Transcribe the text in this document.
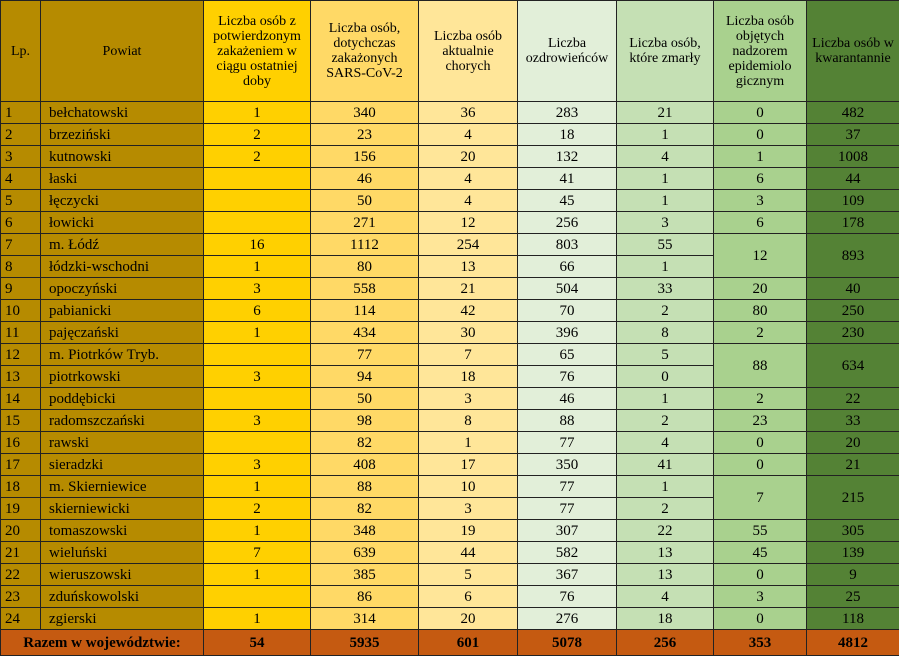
Lp.	Powiat	Liczba osób z potwierdzonym zakażeniem w ciągu ostatniej doby	Liczba osób, dotychczas zakażonych SARS-CoV-2	Liczba osób aktualnie chorych	Liczba ozdrowieńców	Liczba osób, które zmarły	Liczba osób objętych nadzorem epidemiolo gicznym	Liczba osób w kwarantannie
1	bełchatowski	1	340	36	283	21	0	482
2	brzeziński	2	23	4	18	1	0	37
3	kutnowski	2	156	20	132	4	1	1008
4	łaski		46	4	41	1	6	44
5	łęczycki		50	4	45	1	3	109
6	łowicki		271	12	256	3	6	178
7	m. Łódź	16	1112	254	803	55	12	893
8	łódzki-wschodni	1	80	13	66	1		
9	opoczyński	3	558	21	504	33	20	40
10	pabianicki	6	114	42	70	2	80	250
11	pajęczański	1	434	30	396	8	2	230
12	m. Piotrków Tryb.		77	7	65	5	88	634
13	piotrkowski	3	94	18	76	0		
14	poddębicki		50	3	46	1	2	22
15	radomszczański	3	98	8	88	2	23	33
16	rawski		82	1	77	4	0	20
17	sieradzki	3	408	17	350	41	0	21
18	m. Skierniewice	1	88	10	77	1	7	215
19	skierniewicki	2	82	3	77	2		
20	tomaszowski	1	348	19	307	22	55	305
21	wieluński	7	639	44	582	13	45	139
22	wieruszowski	1	385	5	367	13	0	9
23	zduńskowolski		86	6	76	4	3	25
24	zgierski	1	314	20	276	18	0	118
Razem w województwie:		54	5935	601	5078	256	353	4812
